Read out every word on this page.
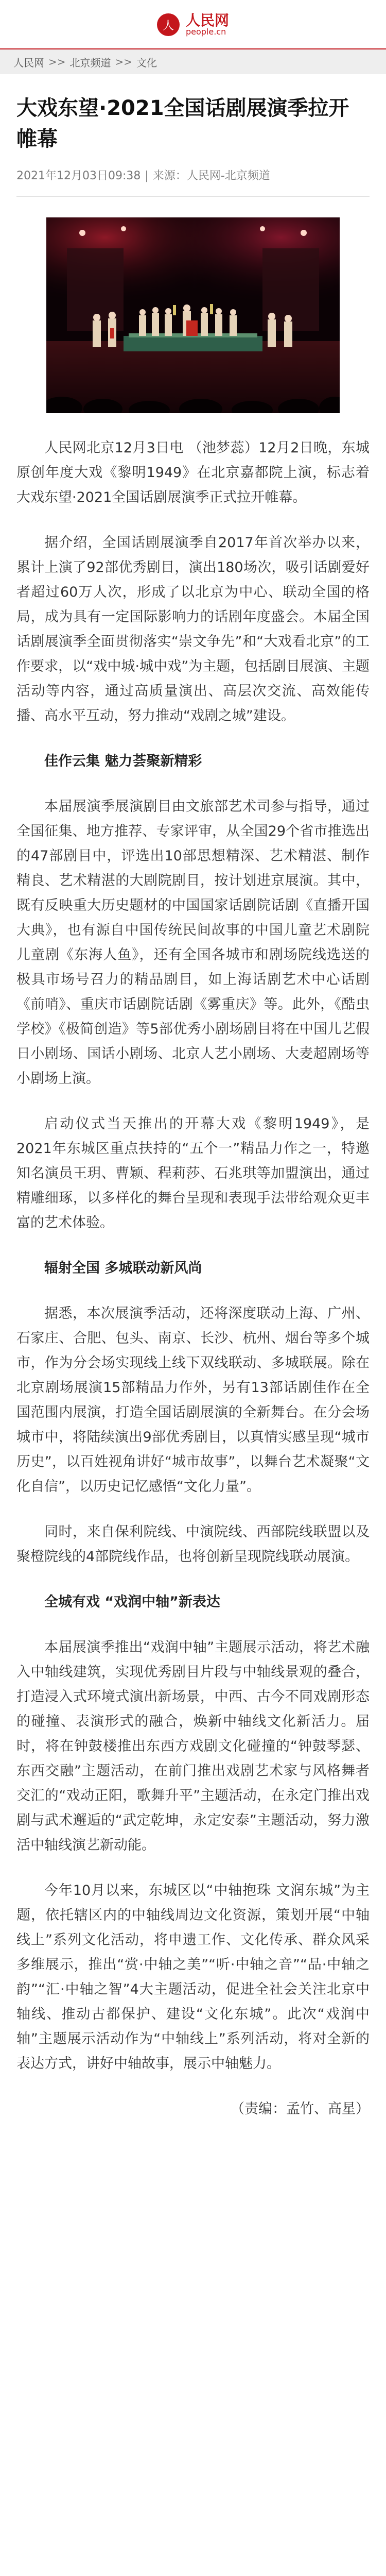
人 人民网
people.cn
人民网 >> 北京频道 >> 文化
大戏东望·2021全国话剧展演季拉开帷幕
2021年12月03日09:38 | 来源：人民网-北京频道

人民网北京12月3日电 （池梦蕊）12月2日晚，东城原创年度大戏《黎明1949》在北京嘉都院上演，标志着大戏东望·2021全国话剧展演季正式拉开帷幕。

据介绍，全国话剧展演季自2017年首次举办以来，累计上演了92部优秀剧目，演出180场次，吸引话剧爱好者超过60万人次，形成了以北京为中心、联动全国的格局，成为具有一定国际影响力的话剧年度盛会。本届全国话剧展演季全面贯彻落实“崇文争先”和“大戏看北京”的工作要求，以“戏中城·城中戏”为主题，包括剧目展演、主题活动等内容，通过高质量演出、高层次交流、高效能传播、高水平互动，努力推动“戏剧之城”建设。

佳作云集 魅力荟聚新精彩

本届展演季展演剧目由文旅部艺术司参与指导，通过全国征集、地方推荐、专家评审，从全国29个省市推选出的47部剧目中，评选出10部思想精深、艺术精湛、制作精良、艺术精湛的大剧院剧目，按计划进京展演。其中，既有反映重大历史题材的中国国家话剧院话剧《直播开国大典》，也有源自中国传统民间故事的中国儿童艺术剧院儿童剧《东海人鱼》，还有全国各城市和剧场院线选送的极具市场号召力的精品剧目，如上海话剧艺术中心话剧《前哨》、重庆市话剧院话剧《雾重庆》等。此外，《酷虫学校》《极简创造》等5部优秀小剧场剧目将在中国儿艺假日小剧场、国话小剧场、北京人艺小剧场、大麦超剧场等小剧场上演。

启动仪式当天推出的开幕大戏《黎明1949》，是2021年东城区重点扶持的“五个一”精品力作之一，特邀知名演员王玥、曹颖、程莉莎、石兆琪等加盟演出，通过精雕细琢，以多样化的舞台呈现和表现手法带给观众更丰富的艺术体验。

辐射全国 多城联动新风尚

据悉，本次展演季活动，还将深度联动上海、广州、石家庄、合肥、包头、南京、长沙、杭州、烟台等多个城市，作为分会场实现线上线下双线联动、多城联展。除在北京剧场展演15部精品力作外，另有13部话剧佳作在全国范围内展演，打造全国话剧展演的全新舞台。在分会场城市中，将陆续演出9部优秀剧目，以真情实感呈现“城市历史”，以百姓视角讲好“城市故事”，以舞台艺术凝聚“文化自信”，以历史记忆感悟“文化力量”。

同时，来自保利院线、中演院线、西部院线联盟以及聚橙院线的4部院线作品，也将创新呈现院线联动展演。

全城有戏 “戏润中轴”新表达

本届展演季推出“戏润中轴”主题展示活动，将艺术融入中轴线建筑，实现优秀剧目片段与中轴线景观的叠合，打造浸入式环境式演出新场景，中西、古今不同戏剧形态的碰撞、表演形式的融合，焕新中轴线文化新活力。届时，将在钟鼓楼推出东西方戏剧文化碰撞的“钟鼓琴瑟、东西交融”主题活动，在前门推出戏剧艺术家与风格舞者交汇的“戏动正阳，歌舞升平”主题活动，在永定门推出戏剧与武术邂逅的“武定乾坤，永定安泰”主题活动，努力激活中轴线演艺新动能。

今年10月以来，东城区以“中轴抱珠 文润东城”为主题，依托辖区内的中轴线周边文化资源，策划开展“中轴线上”系列文化活动，将申遗工作、文化传承、群众风采多维展示，推出“赏·中轴之美”“听·中轴之音”“品·中轴之韵”“汇·中轴之智”4大主题活动，促进全社会关注北京中轴线、推动古都保护、建设“文化东城”。此次“戏润中轴”主题展示活动作为“中轴线上”系列活动，将对全新的表达方式，讲好中轴故事，展示中轴魅力。

（责编：孟竹、高星）
